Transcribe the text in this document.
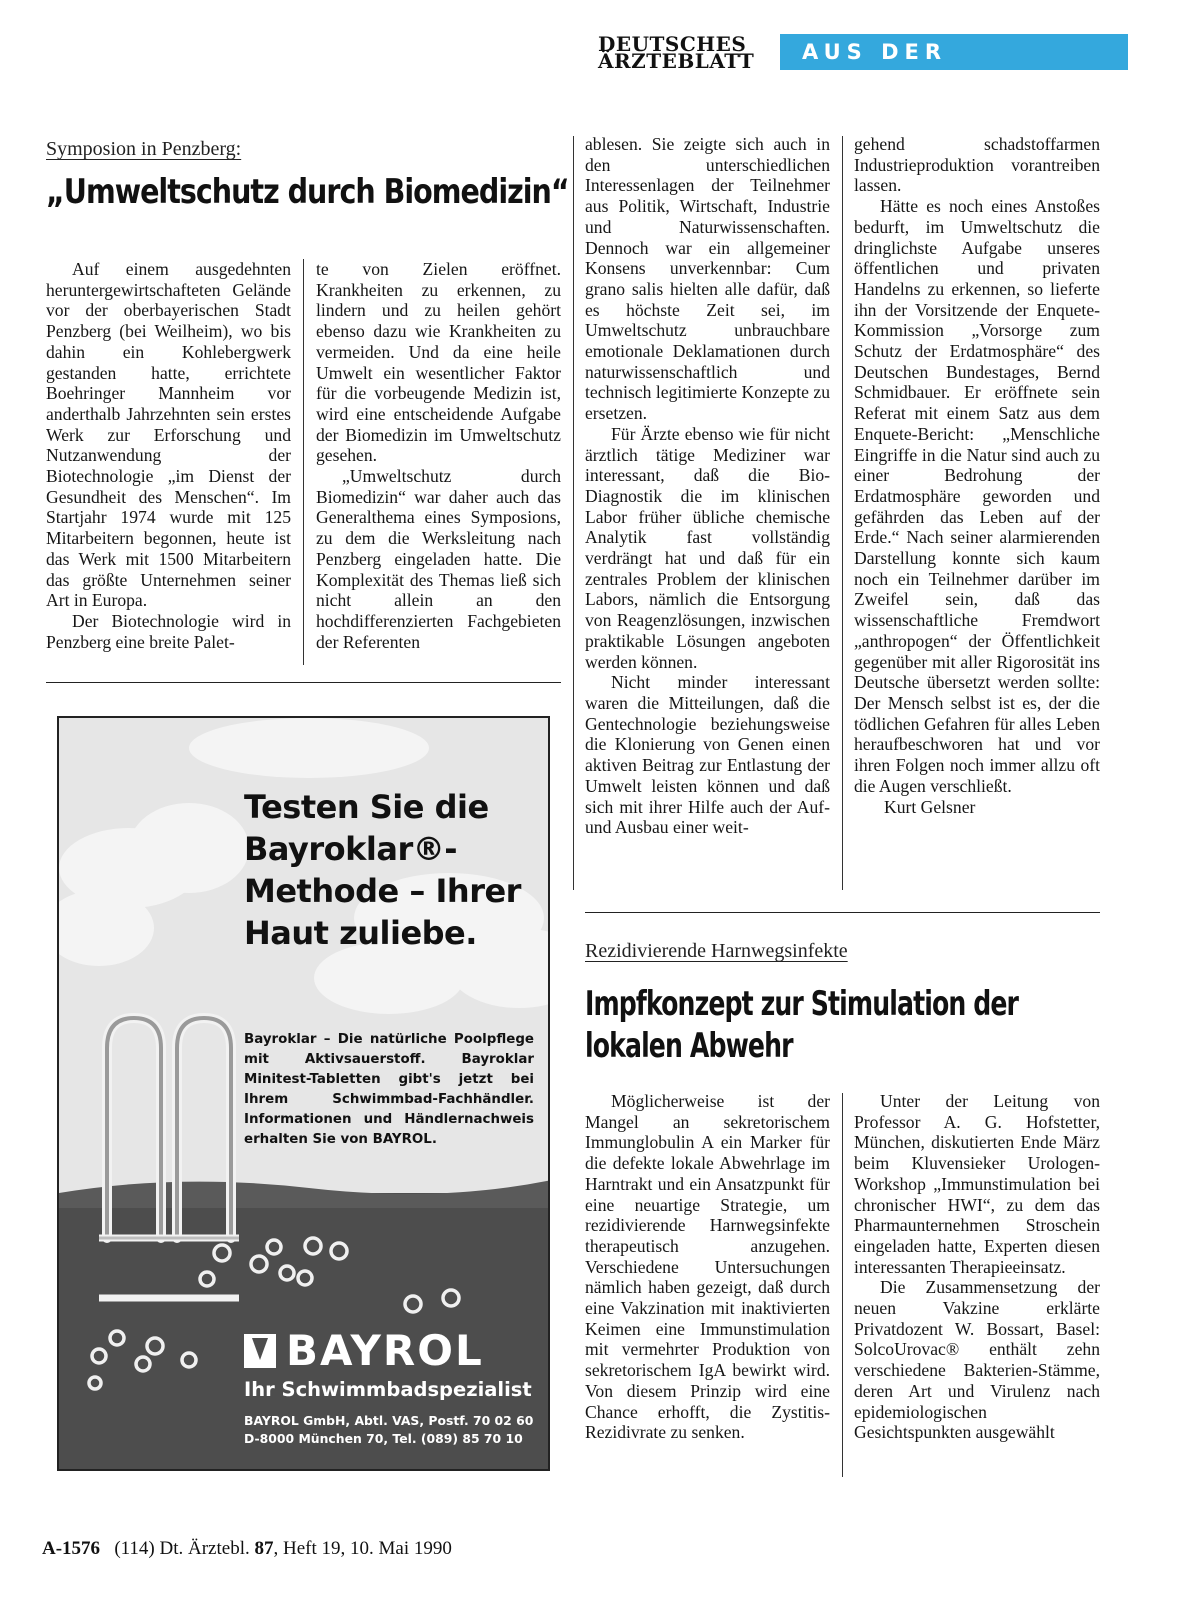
DEUTSCHES
ÄRZTEBLATT	AUS DER INDUSTRIE
Symposion in Penzberg:
„Umweltschutz durch Biomedizin“

Auf einem ausgedehnten heruntergewirtschafteten Gelände vor der oberbayerischen Stadt Penzberg (bei Weilheim), wo bis dahin ein Kohlebergwerk gestanden hatte, errichtete Boehringer Mannheim vor anderthalb Jahrzehnten sein erstes Werk zur Erforschung und Nutzanwendung der Biotechnologie „im Dienst der Gesundheit des Menschen“. Im Startjahr 1974 wurde mit 125 Mitarbeitern begonnen, heute ist das Werk mit 1500 Mitarbeitern das größte Unternehmen seiner Art in Europa.

Der Biotechnologie wird in Penzberg eine breite Palet-

te von Zielen eröffnet. Krankheiten zu erkennen, zu lindern und zu heilen gehört ebenso dazu wie Krankheiten zu vermeiden. Und da eine heile Umwelt ein wesentlicher Faktor für die vorbeugende Medizin ist, wird eine entscheidende Aufgabe der Biomedizin im Umweltschutz gesehen.

„Umweltschutz durch Biomedizin“ war daher auch das Generalthema eines Symposions, zu dem die Werksleitung nach Penzberg eingeladen hatte. Die Komplexität des Themas ließ sich nicht allein an den hochdifferenzierten Fachgebieten der Referenten

ablesen. Sie zeigte sich auch in den unterschiedlichen Interessenlagen der Teilnehmer aus Politik, Wirtschaft, Industrie und Naturwissenschaften. Dennoch war ein allgemeiner Konsens unverkennbar: Cum grano salis hielten alle dafür, daß es höchste Zeit sei, im Umweltschutz unbrauchbare emotionale Deklamationen durch naturwissenschaftlich und technisch legitimierte Konzepte zu ersetzen.

Für Ärzte ebenso wie für nicht ärztlich tätige Mediziner war interessant, daß die Bio-Diagnostik die im klinischen Labor früher übliche chemische Analytik fast vollständig verdrängt hat und daß für ein zentrales Problem der klinischen Labors, nämlich die Entsorgung von Reagenzlösungen, inzwischen praktikable Lösungen angeboten werden können.

Nicht minder interessant waren die Mitteilungen, daß die Gentechnologie beziehungsweise die Klonierung von Genen einen aktiven Beitrag zur Entlastung der Umwelt leisten können und daß sich mit ihrer Hilfe auch der Auf- und Ausbau einer weit-

gehend schadstoffarmen Industrieproduktion vorantreiben lassen.

Hätte es noch eines Anstoßes bedurft, im Umweltschutz die dringlichste Aufgabe unseres öffentlichen und privaten Handelns zu erkennen, so lieferte ihn der Vorsitzende der Enquete-Kommission „Vorsorge zum Schutz der Erdatmosphäre“ des Deutschen Bundestages, Bernd Schmidbauer. Er eröffnete sein Referat mit einem Satz aus dem Enquete-Bericht: „Menschliche Eingriffe in die Natur sind auch zu einer Bedrohung der Erdatmosphäre geworden und gefährden das Leben auf der Erde.“ Nach seiner alarmierenden Darstellung konnte sich kaum noch ein Teilnehmer darüber im Zweifel sein, daß das wissenschaftliche Fremdwort „anthropogen“ der Öffentlichkeit gegenüber mit aller Rigorosität ins Deutsche übersetzt werden sollte: Der Mensch selbst ist es, der die tödlichen Gefahren für alles Leben heraufbeschworen hat und vor ihren Folgen noch immer allzu oft die Augen verschließt.

Kurt Gelsner

Testen Sie die Bayroklar®-Methode – Ihrer Haut zuliebe.
Bayroklar – Die natürliche Poolpflege mit Aktivsauerstoff. Bayroklar Minitest-Tabletten gibt's jetzt bei Ihrem Schwimmbad-Fachhändler. Informationen und Händlernachweis erhalten Sie von BAYROL.
BAYROL
Ihr Schwimmbadspezialist
BAYROL GmbH, Abtl. VAS, Postf. 70 02 60
D-8000 München 70, Tel. (089) 85 70 10
Rezidivierende Harnwegsinfekte
Impfkonzept zur Stimulation der
lokalen Abwehr

Möglicherweise ist der Mangel an sekretorischem Immunglobulin A ein Marker für die defekte lokale Abwehrlage im Harntrakt und ein Ansatzpunkt für eine neuartige Strategie, um rezidivierende Harnwegsinfekte therapeutisch anzugehen. Verschiedene Untersuchungen nämlich haben gezeigt, daß durch eine Vakzination mit inaktivierten Keimen eine Immunstimulation mit vermehrter Produktion von sekretorischem IgA bewirkt wird. Von diesem Prinzip wird eine Chance erhofft, die Zystitis-Rezidivrate zu senken.

Unter der Leitung von Professor A. G. Hofstetter, München, diskutierten Ende März beim Kluvensieker Urologen-Workshop „Immunstimulation bei chronischer HWI“, zu dem das Pharmaunternehmen Stroschein eingeladen hatte, Experten diesen interessanten Therapieeinsatz.

Die Zusammensetzung der neuen Vakzine erklärte Privatdozent W. Bossart, Basel: SolcoUrovac® enthält zehn verschiedene Bakterien-Stämme, deren Art und Virulenz nach epidemiologischen Gesichtspunkten ausgewählt

A-1576 (114) Dt. Ärztebl. 87, Heft 19, 10. Mai 1990
